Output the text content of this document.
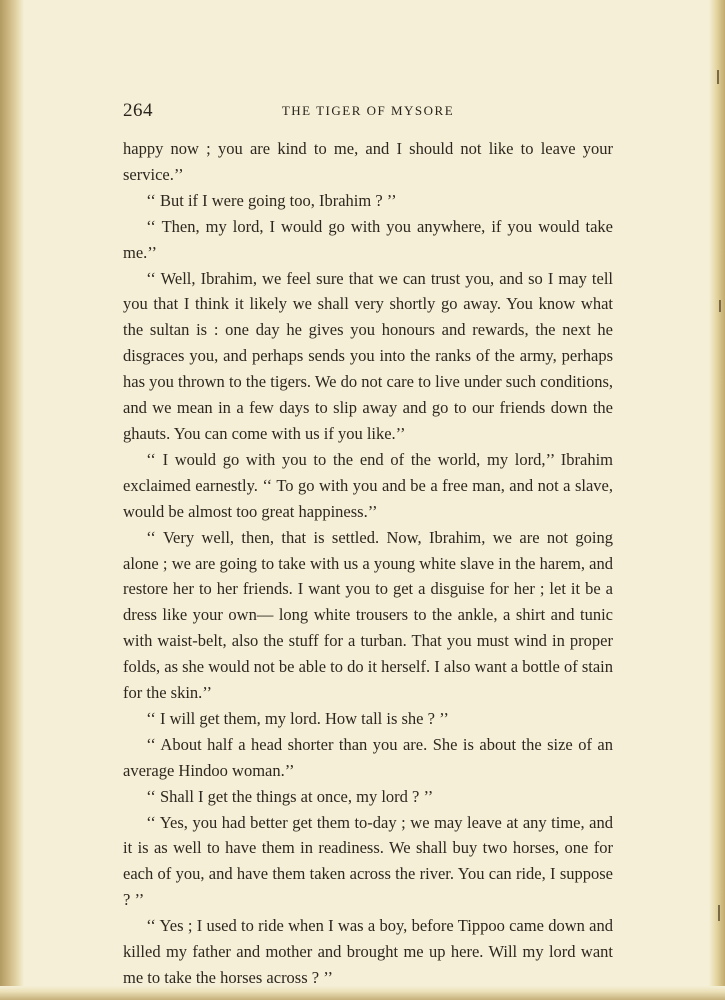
264	THE TIGER OF MYSORE

happy now ; you are kind to me, and I should not like to leave your service.’’

‘‘ But if I were going too, Ibrahim ? ’’

‘‘ Then, my lord, I would go with you anywhere, if you would take me.’’

‘‘ Well, Ibrahim, we feel sure that we can trust you, and so I may tell you that I think it likely we shall very shortly go away. You know what the sultan is : one day he gives you honours and rewards, the next he disgraces you, and perhaps sends you into the ranks of the army, perhaps has you thrown to the tigers. We do not care to live under such conditions, and we mean in a few days to slip away and go to our friends down the ghauts. You can come with us if you like.’’

‘‘ I would go with you to the end of the world, my lord,’’ Ibrahim exclaimed earnestly. ‘‘ To go with you and be a free man, and not a slave, would be almost too great happiness.’’

‘‘ Very well, then, that is settled. Now, Ibrahim, we are not going alone ; we are going to take with us a young white slave in the harem, and restore her to her friends. I want you to get a disguise for her ; let it be a dress like your own— long white trousers to the ankle, a shirt and tunic with waist-belt, also the stuff for a turban. That you must wind in proper folds, as she would not be able to do it herself. I also want a bottle of stain for the skin.’’

‘‘ I will get them, my lord. How tall is she ? ’’

‘‘ About half a head shorter than you are. She is about the size of an average Hindoo woman.’’

‘‘ Shall I get the things at once, my lord ? ’’

‘‘ Yes, you had better get them to-day ; we may leave at any time, and it is as well to have them in readiness. We shall buy two horses, one for each of you, and have them taken across the river. You can ride, I suppose ? ’’

‘‘ Yes ; I used to ride when I was a boy, before Tippoo came down and killed my father and mother and brought me up here. Will my lord want me to take the horses across ? ’’
